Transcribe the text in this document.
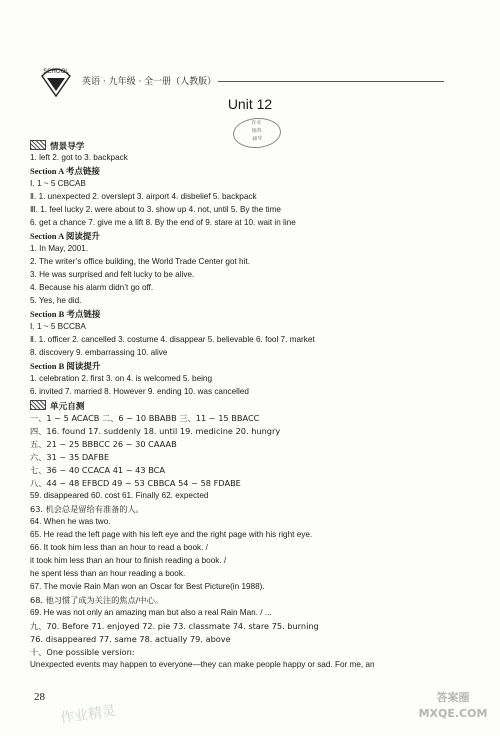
SCHOOL
英语 · 九年级 · 全一册（人教版）
Unit 12
作业
精准
辅导
情景导学
1. left 2. got to 3. backpack
Section A 考点链接
Ⅰ. 1 ~ 5 CBCAB
Ⅱ. 1. unexpected 2. overslept 3. airport 4. disbelief 5. backpack
Ⅲ. 1. feel lucky 2. were about to 3. show up 4. not, until 5. By the time
6. get a chance 7. give me a lift 8. By the end of 9. stare at 10. wait in line
Section A 阅读提升
1. In May, 2001.
2. The writer’s office building, the World Trade Center got hit.
3. He was surprised and felt lucky to be alive.
4. Because his alarm didn’t go off.
5. Yes, he did.
Section B 考点链接
Ⅰ. 1 ~ 5 BCCBA
Ⅱ. 1. officer 2. cancelled 3. costume 4. disappear 5. believable 6. fool 7. market
8. discovery 9. embarrassing 10. alive
Section B 阅读提升
1. celebration 2. first 3. on 4. is welcomed 5. being
6. invited 7. married 8. However 9. ending 10. was cancelled
单元自测
一、1 ~ 5 ACACB 二、6 ~ 10 BBABB 三、11 ~ 15 BBACC
四、16. found 17. suddenly 18. until 19. medicine 20. hungry
五、21 ~ 25 BBBCC 26 ~ 30 CAAAB
六、31 ~ 35 DAFBE
七、36 ~ 40 CCACA 41 ~ 43 BCA
八、44 ~ 48 EFBCD 49 ~ 53 CBBCA 54 ~ 58 FDABE
59. disappeared 60. cost 61. Finally 62. expected
63. 机会总是留给有准备的人。
64. When he was two.
65. He read the left page with his left eye and the right page with his right eye.
66. It took him less than an hour to read a book. /
it took him less than an hour to finish reading a book. /
he spent less than an hour reading a book.
67. The movie Rain Man won an Oscar for Best Picture(in 1988).
68. 他习惯了成为关注的焦点/中心。
69. He was not only an amazing man but also a real Rain Man. / ...
九、70. Before 71. enjoyed 72. pie 73. classmate 74. stare 75. burning
76. disappeared 77. same 78. actually 79. above
十、One possible version:
Unexpected events may happen to everyone—they can make people happy or sad. For me, an
28
作业精灵
答案圈
MXQE.COM
